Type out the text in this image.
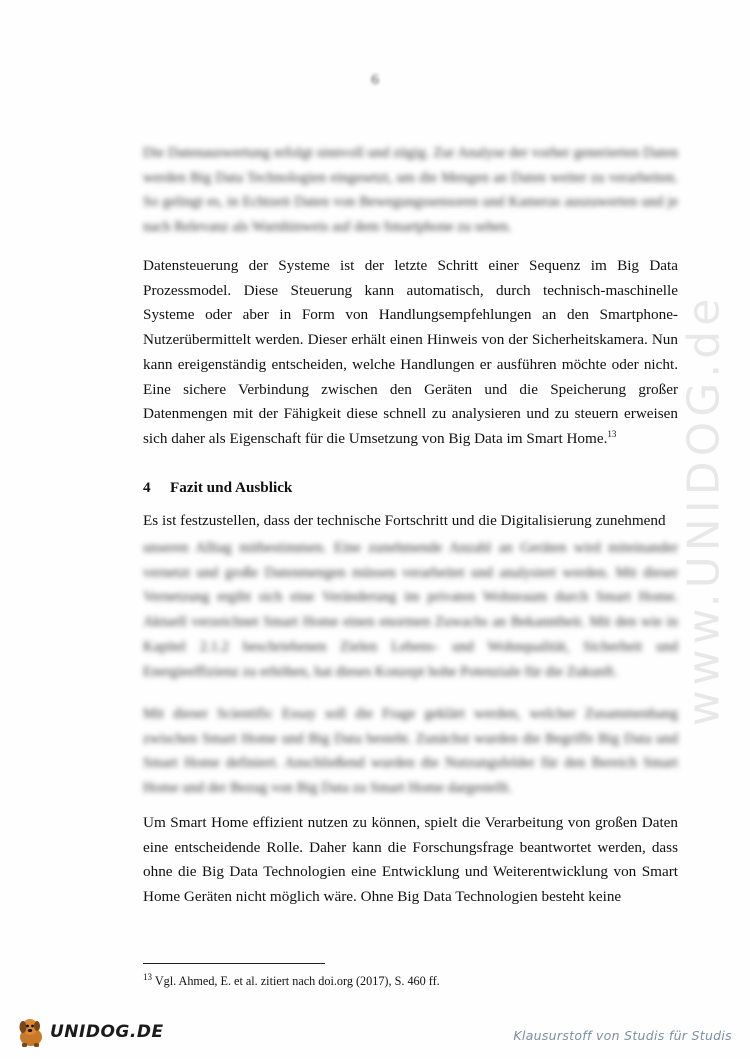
www.UNIDOG.de
6

Die Datenauswertung erfolgt sinnvoll und zügig. Zur Analyse der vorher generierten Daten werden Big Data Technologien eingesetzt, um die Mengen an Daten weiter zu verarbeiten. So gelingt es, in Echtzeit Daten von Bewegungssensoren und Kameras auszuwerten und je nach Relevanz als Warnhinweis auf dem Smartphone zu sehen.

Datensteuerung der Systeme ist der letzte Schritt einer Sequenz im Big Data Prozessmodel. Diese Steuerung kann automatisch, durch technisch-maschinelle Systeme oder aber in Form von Handlungsempfehlungen an den Smartphone-Nutzerübermittelt werden. Dieser erhält einen Hinweis von der Sicherheitskamera. Nun kann ereigenständig entscheiden, welche Handlungen er ausführen möchte oder nicht. Eine sichere Verbindung zwischen den Geräten und die Speicherung großer Datenmengen mit der Fähigkeit diese schnell zu analysieren und zu steuern erweisen sich daher als Eigenschaft für die Umsetzung von Big Data im Smart Home.$^{13}$

4 Fazit und Ausblick

Es ist festzustellen, dass der technische Fortschritt und die Digitalisierung zunehmend

unseren Alltag mitbestimmen. Eine zunehmende Anzahl an Geräten wird miteinander vernetzt und große Datenmengen müssen verarbeitet und analysiert werden. Mit dieser Vernetzung ergibt sich eine Veränderung im privaten Wohnraum durch Smart Home. Aktuell verzeichnet Smart Home einen enormen Zuwachs an Bekanntheit. Mit den wie in Kapitel 2.1.2 beschriebenen Zielen Lebens- und Wohnqualität, Sicherheit und Energieeffizienz zu erhöhen, hat dieses Konzept hohe Potenziale für die Zukunft.

Mit dieser Scientific Essay soll die Frage geklärt werden, welcher Zusammenhang zwischen Smart Home und Big Data besteht. Zunächst wurden die Begriffe Big Data und Smart Home definiert. Anschließend wurden die Nutzungsfelder für den Bereich Smart Home und der Bezug von Big Data zu Smart Home dargestellt.

Um Smart Home effizient nutzen zu können, spielt die Verarbeitung von großen Daten eine entscheidende Rolle. Daher kann die Forschungsfrage beantwortet werden, dass ohne die Big Data Technologien eine Entwicklung und Weiterentwicklung von Smart Home Geräten nicht möglich wäre. Ohne Big Data Technologien besteht keine

$^{13}$ Vgl. Ahmed, E. et al. zitiert nach doi.org (2017), S. 460 ff.
UNIDOG.DE	Klausurstoff von Studis für Studis
